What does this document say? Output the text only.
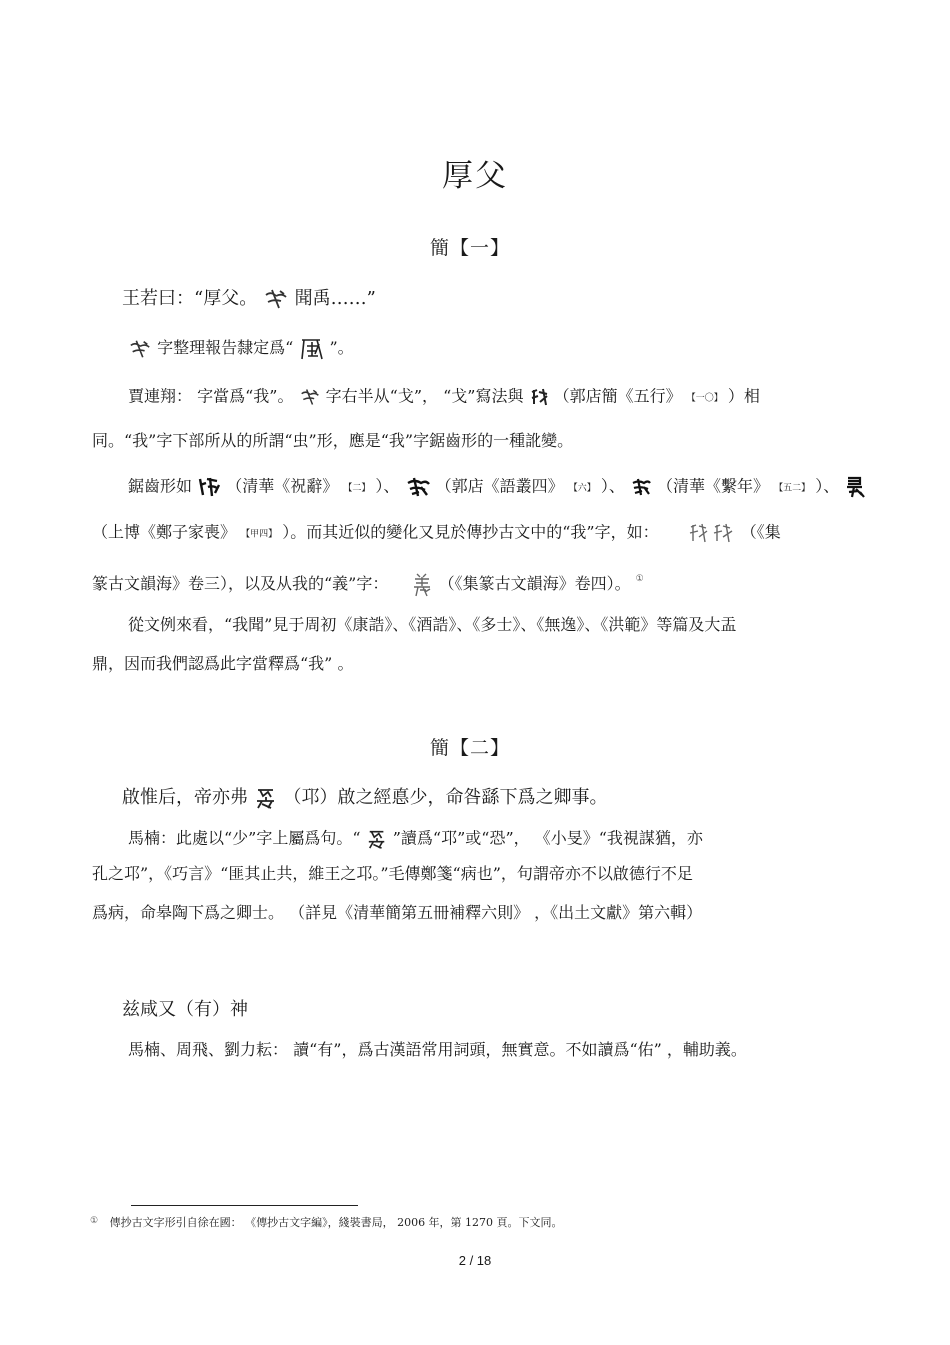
厚父
簡【一】
王若曰：“厚父。 聞禹……”
字整理報告隸定爲“ ”。
賈連翔： 字當爲“我”。 字右半从“戈”， “戈”寫法與 （郭店簡《五行》 【一〇】 ）相
同。“我”字下部所从的所謂“虫”形，應是“我”字鋸齒形的一種訛變。
鋸齒形如 （清華《祝辭》 【二】 ）、 （郭店《語叢四》 【六】 ）、 （清華《繫年》 【五二】 ）、
（上博《鄭子家喪》 【甲四】 ）。而其近似的變化又見於傳抄古文中的“我”字，如：	（《集
篆古文韻海》卷三），以及从我的“義”字：	（《集篆古文韻海》卷四）。 ①
從文例來看，“我聞”見于周初《康誥》、《酒誥》、《多士》、《無逸》、《洪範》等篇及大盂
鼎，因而我們認爲此字當釋爲“我” 。
簡【二】
啟惟后，帝亦弗 （邛）啟之經悳少，命咎繇下爲之卿事。
馬楠：此處以“少”字上屬爲句。“ ”讀爲“邛”或“恐”， 《小旻》“我視謀猶，亦
孔之邛”，《巧言》“匪其止共，維王之邛。”毛傳鄭箋“病也”，句謂帝亦不以啟德行不足
爲病，命皋陶下爲之卿士。 （詳見《清華簡第五冊補釋六則》 ，《出土文獻》第六輯）
兹咸又（有）神
馬楠、周飛、劉力耘： 讀“有”，爲古漢語常用詞頭，無實意。不如讀爲“佑” ，輔助義。
① 傳抄古文字形引自徐在國： 《傳抄古文字編》，綫裝書局， 2006 年，第 1270 頁。下文同。
2 / 18
